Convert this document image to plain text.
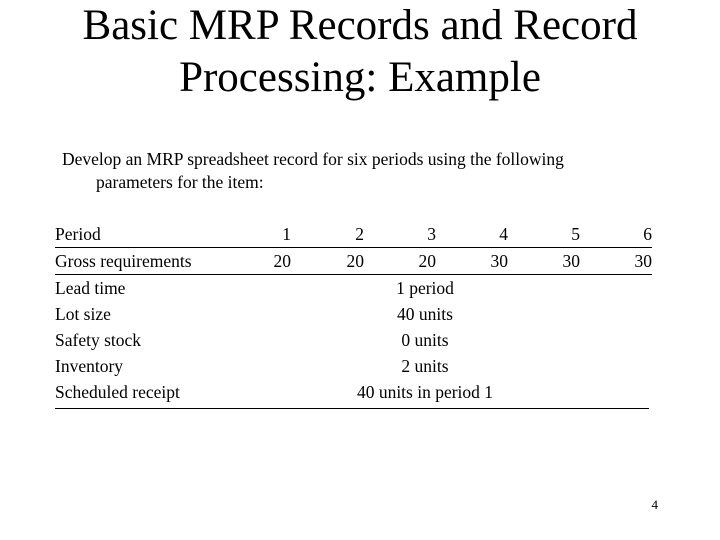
Basic MRP Records and Record
Processing: Example
Develop an MRP spreadsheet record for six periods using the following
parameters for the item:
Period	1	2	3	4	5	6
Gross requirements	20	20	20	30	30	30
Lead time	1 period
Lot size	40 units
Safety stock	0 units
Inventory	2 units
Scheduled receipt	40 units in period 1
4
